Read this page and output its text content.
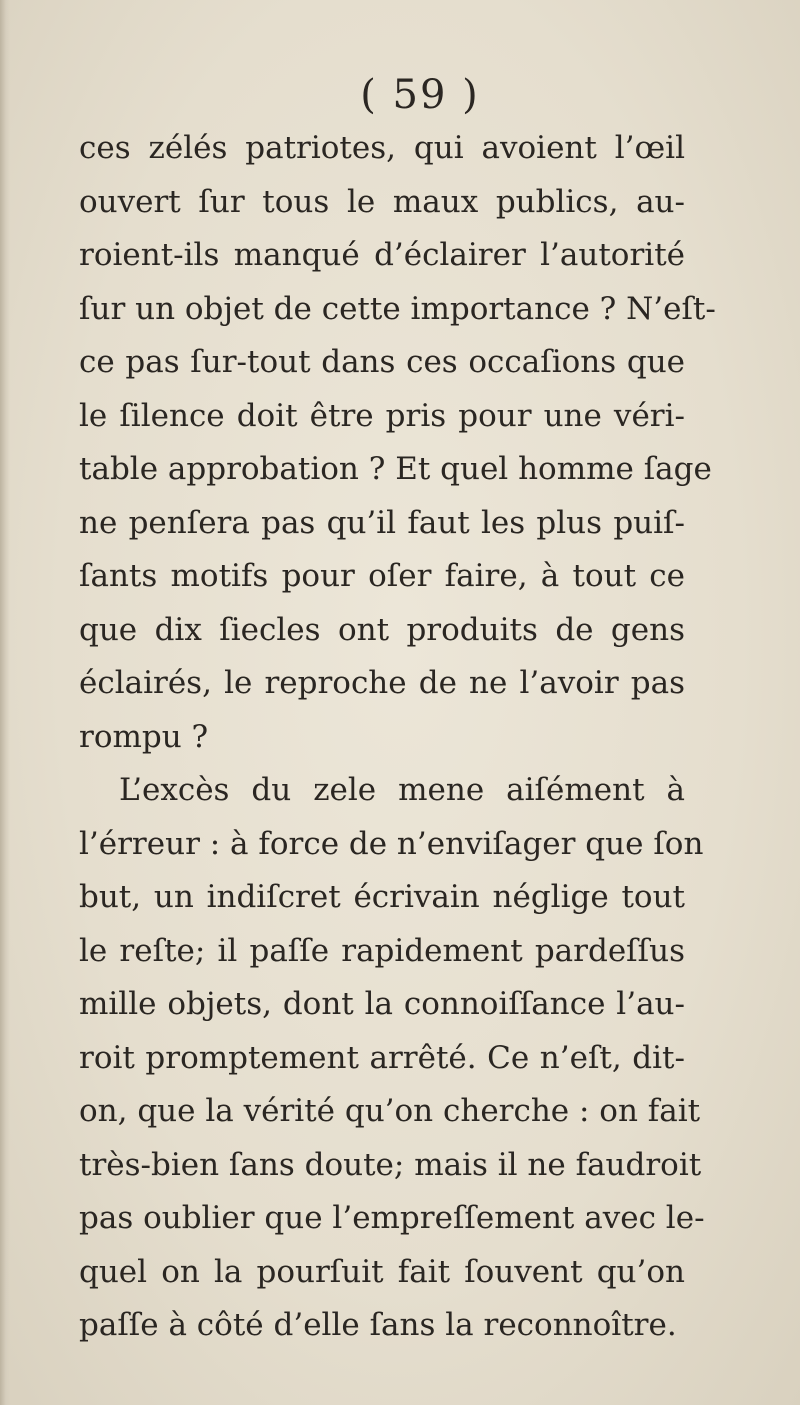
( 59 )
ces zélés patriotes, qui avoient l’œil
ouvert ſur tous le maux publics, au-
roient-ils manqué d’éclairer l’autorité
ſur un objet de cette importance ? N’eſt-
ce pas ſur-tout dans ces occaſions que
le ſilence doit être pris pour une véri-
table approbation ? Et quel homme ſage
ne penſera pas qu’il faut les plus puiſ-
ſants motifs pour oſer faire, à tout ce
que dix ſiecles ont produits de gens
éclairés, le reproche de ne l’avoir pas
rompu ?
L’excès du zele mene aiſément à
l’érreur : à force de n’enviſager que ſon
but, un indiſcret écrivain néglige tout
le reſte; il paſſe rapidement pardeſſus
mille objets, dont la connoiſſance l’au-
roit promptement arrêté. Ce n’eſt, dit-
on, que la vérité qu’on cherche : on fait
très-bien ſans doute; mais il ne faudroit
pas oublier que l’empreſſement avec le-
quel on la pourſuit fait ſouvent qu’on
paſſe à côté d’elle ſans la reconnoître.
